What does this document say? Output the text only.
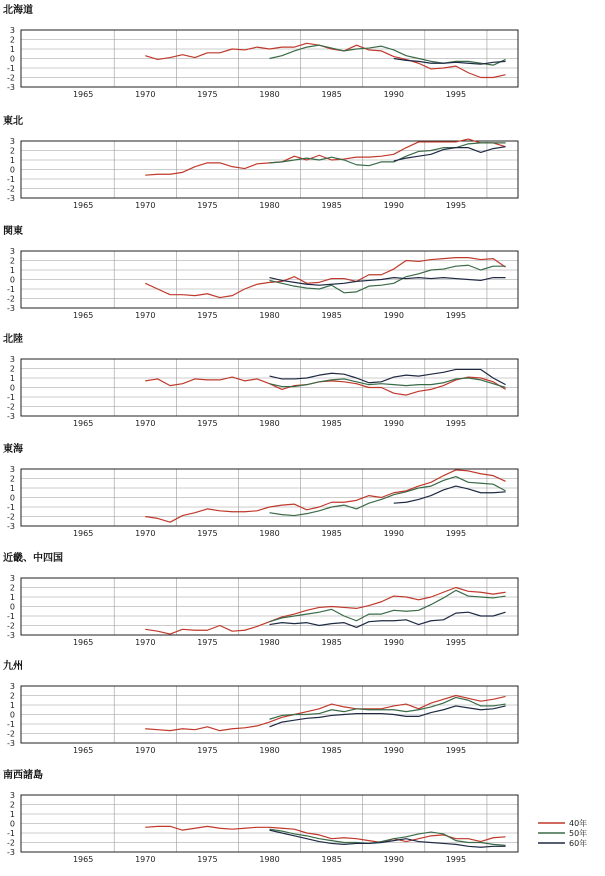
北海道
3
2
1
0
-1
-2
-3
1965	1970	1975	1980	1985	1990	1995
東北
3
2
1
0
-1
-2
-3
1965	1970	1975	1980	1985	1990	1995
関東
3
2
1
0
-1
-2
-3
1965	1970	1975	1980	1985	1990	1995
北陸
3
2
1
0
-1
-2
-3
1965	1970	1975	1980	1985	1990	1995
東海
3
2
1
0
-1
-2
-3
1965	1970	1975	1980	1985	1990	1995
近畿、中四国
3
2
1
0
-1
-2
-3
1965	1970	1975	1980	1985	1990	1995
九州
3
2
1
0
-1
-2
-3
1965	1970	1975	1980	1985	1990	1995
南西諸島
3
2
1
0
-1
-2
-3
1965	1970	1975	1980	1985	1990	1995
40年
50年
60年
